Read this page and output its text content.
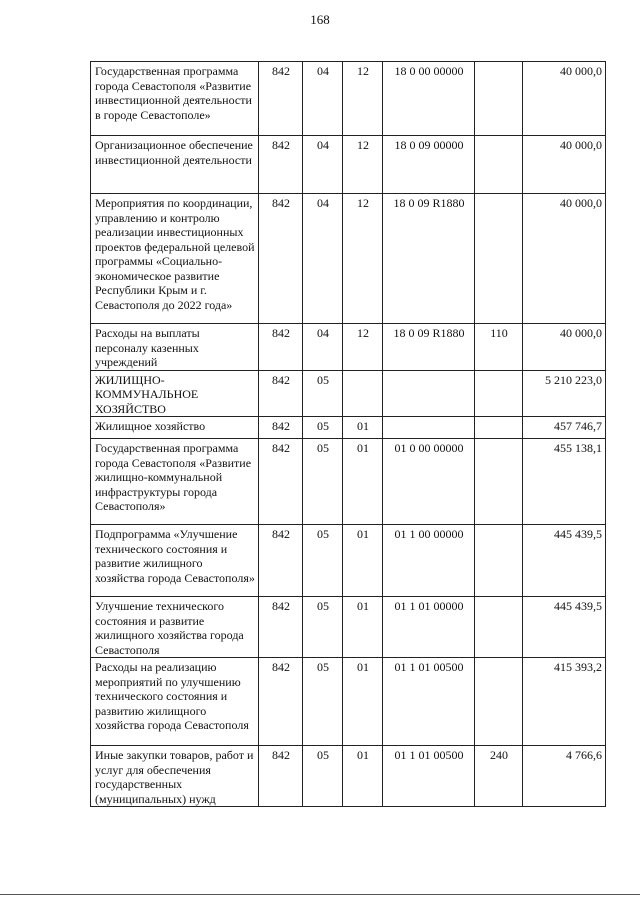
168
Государственная программа города Севастополя «Развитие инвестиционной деятельности в городе Севастополе»	842	04	12	18 0 00 00000		40 000,0
Организационное обеспечение инвестиционной деятельности	842	04	12	18 0 09 00000		40 000,0
Мероприятия по координации, управлению и контролю реализации инвестиционных проектов федеральной целевой программы «Социально-экономическое развитие Республики Крым и г. Севастополя до 2022 года»	842	04	12	18 0 09 R1880		40 000,0
Расходы на выплаты персоналу казенных учреждений	842	04	12	18 0 09 R1880	110	40 000,0
ЖИЛИЩНО-КОММУНАЛЬНОЕ ХОЗЯЙСТВО	842	05				5 210 223,0
Жилищное хозяйство	842	05	01			457 746,7
Государственная программа города Севастополя «Развитие жилищно-коммунальной инфраструктуры города Севастополя»	842	05	01	01 0 00 00000		455 138,1
Подпрограмма «Улучшение технического состояния и развитие жилищного хозяйства города Севастополя»	842	05	01	01 1 00 00000		445 439,5
Улучшение технического состояния и развитие жилищного хозяйства города Севастополя	842	05	01	01 1 01 00000		445 439,5
Расходы на реализацию мероприятий по улучшению технического состояния и развитию жилищного хозяйства города Севастополя	842	05	01	01 1 01 00500		415 393,2
Иные закупки товаров, работ и услуг для обеспечения государственных (муниципальных) нужд	842	05	01	01 1 01 00500	240	4 766,6
